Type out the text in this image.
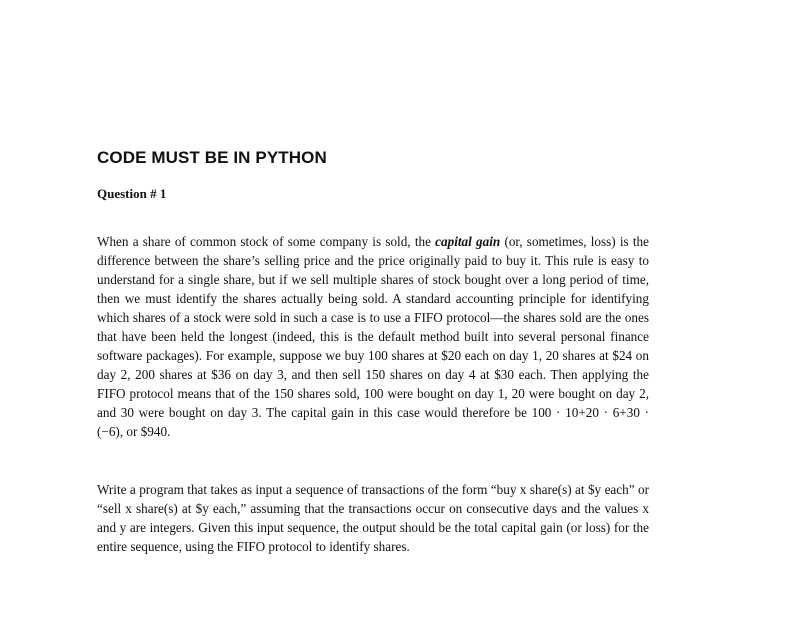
CODE MUST BE IN PYTHON
Question # 1

When a share of common stock of some company is sold, the capital gain (or, sometimes, loss) is the difference between the share’s selling price and the price originally paid to buy it. This rule is easy to understand for a single share, but if we sell multiple shares of stock bought over a long period of time, then we must identify the shares actually being sold. A standard accounting principle for identifying which shares of a stock were sold in such a case is to use a FIFO protocol—the shares sold are the ones that have been held the longest (indeed, this is the default method built into several personal finance software packages). For example, suppose we buy 100 shares at $20 each on day 1, 20 shares at $24 on day 2, 200 shares at $36 on day 3, and then sell 150 shares on day 4 at $30 each. Then applying the FIFO protocol means that of the 150 shares sold, 100 were bought on day 1, 20 were bought on day 2, and 30 were bought on day 3. The capital gain in this case would therefore be 100 · 10+20 · 6+30 · (−6), or $940.

Write a program that takes as input a sequence of transactions of the form “buy x share(s) at $y each” or “sell x share(s) at $y each,” assuming that the transactions occur on consecutive days and the values x and y are integers. Given this input sequence, the output should be the total capital gain (or loss) for the entire sequence, using the FIFO protocol to identify shares.
